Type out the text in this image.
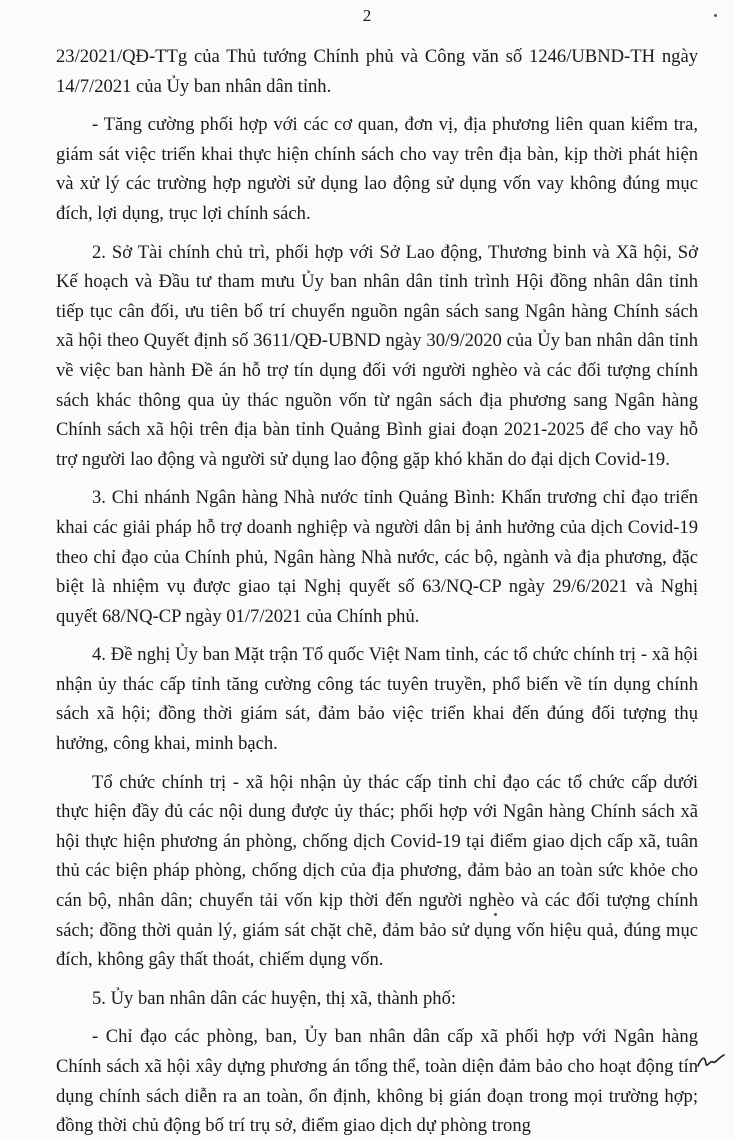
2

23/2021/QĐ-TTg của Thủ tướng Chính phủ và Công văn số 1246/UBND-TH ngày 14/7/2021 của Ủy ban nhân dân tỉnh.

- Tăng cường phối hợp với các cơ quan, đơn vị, địa phương liên quan kiểm tra, giám sát việc triển khai thực hiện chính sách cho vay trên địa bàn, kịp thời phát hiện và xử lý các trường hợp người sử dụng lao động sử dụng vốn vay không đúng mục đích, lợi dụng, trục lợi chính sách.

2. Sở Tài chính chủ trì, phối hợp với Sở Lao động, Thương binh và Xã hội, Sở Kế hoạch và Đầu tư tham mưu Ủy ban nhân dân tỉnh trình Hội đồng nhân dân tỉnh tiếp tục cân đối, ưu tiên bố trí chuyển nguồn ngân sách sang Ngân hàng Chính sách xã hội theo Quyết định số 3611/QĐ-UBND ngày 30/9/2020 của Ủy ban nhân dân tỉnh về việc ban hành Đề án hỗ trợ tín dụng đối với người nghèo và các đối tượng chính sách khác thông qua ủy thác nguồn vốn từ ngân sách địa phương sang Ngân hàng Chính sách xã hội trên địa bàn tỉnh Quảng Bình giai đoạn 2021-2025 để cho vay hỗ trợ người lao động và người sử dụng lao động gặp khó khăn do đại dịch Covid-19.

3. Chi nhánh Ngân hàng Nhà nước tỉnh Quảng Bình: Khẩn trương chỉ đạo triển khai các giải pháp hỗ trợ doanh nghiệp và người dân bị ảnh hưởng của dịch Covid-19 theo chỉ đạo của Chính phủ, Ngân hàng Nhà nước, các bộ, ngành và địa phương, đặc biệt là nhiệm vụ được giao tại Nghị quyết số 63/NQ-CP ngày 29/6/2021 và Nghị quyết 68/NQ-CP ngày 01/7/2021 của Chính phủ.

4. Đề nghị Ủy ban Mặt trận Tổ quốc Việt Nam tỉnh, các tổ chức chính trị - xã hội nhận ủy thác cấp tỉnh tăng cường công tác tuyên truyền, phổ biến về tín dụng chính sách xã hội; đồng thời giám sát, đảm bảo việc triển khai đến đúng đối tượng thụ hưởng, công khai, minh bạch.

Tổ chức chính trị - xã hội nhận ủy thác cấp tỉnh chỉ đạo các tổ chức cấp dưới thực hiện đầy đủ các nội dung được ủy thác; phối hợp với Ngân hàng Chính sách xã hội thực hiện phương án phòng, chống dịch Covid-19 tại điểm giao dịch cấp xã, tuân thủ các biện pháp phòng, chống dịch của địa phương, đảm bảo an toàn sức khỏe cho cán bộ, nhân dân; chuyển tải vốn kịp thời đến người nghèo và các đối tượng chính sách; đồng thời quản lý, giám sát chặt chẽ, đảm bảo sử dụng vốn hiệu quả, đúng mục đích, không gây thất thoát, chiếm dụng vốn.

5. Ủy ban nhân dân các huyện, thị xã, thành phố:

- Chỉ đạo các phòng, ban, Ủy ban nhân dân cấp xã phối hợp với Ngân hàng Chính sách xã hội xây dựng phương án tổng thể, toàn diện đảm bảo cho hoạt động tín dụng chính sách diễn ra an toàn, ổn định, không bị gián đoạn trong mọi trường hợp; đồng thời chủ động bố trí trụ sở, điểm giao dịch dự phòng trong
